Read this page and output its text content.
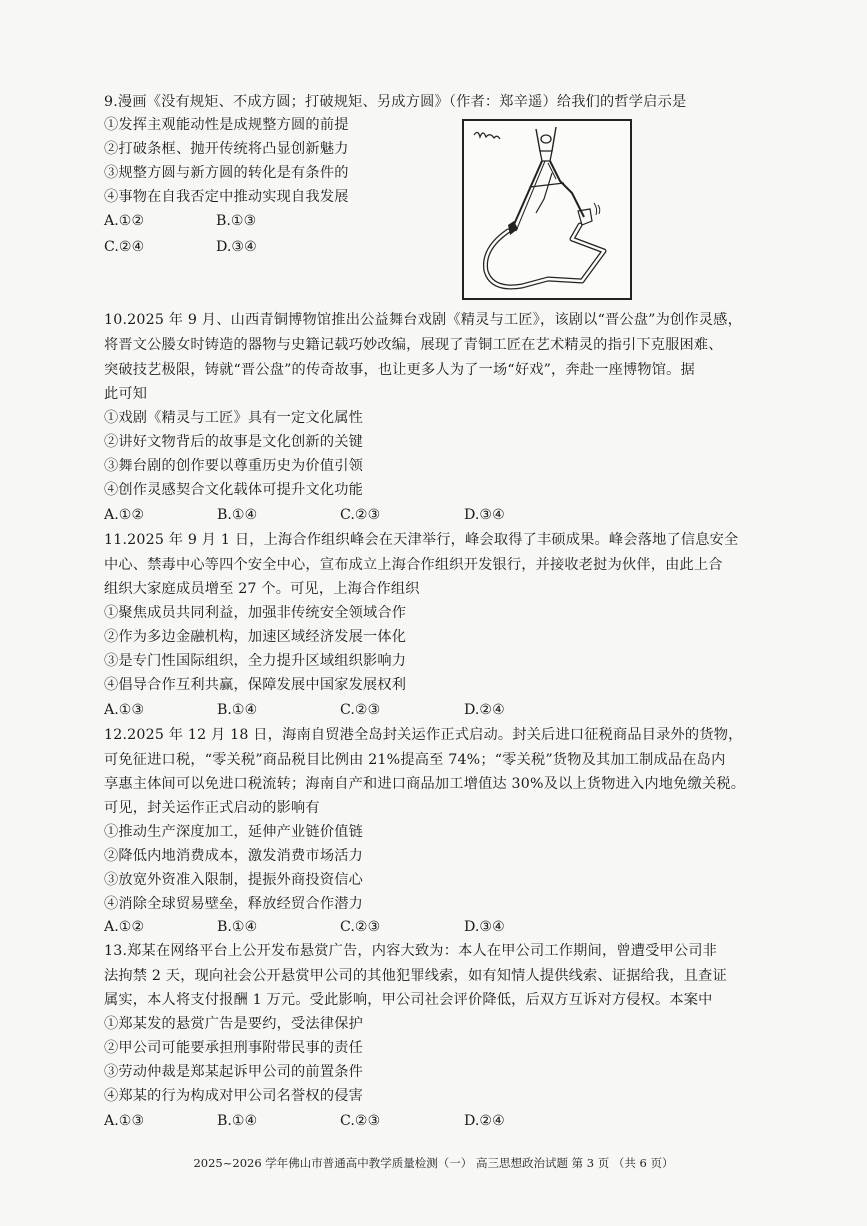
9.漫画《没有规矩、不成方圆；打破规矩、另成方圆》（作者：郑辛遥）给我们的哲学启示是
①发挥主观能动性是成规整方圆的前提
②打破条框、抛开传统将凸显创新魅力
③规整方圆与新方圆的转化是有条件的
④事物在自我否定中推动实现自我发展
A.①②	B.①③
C.②④	D.③④
10.2025 年 9 月、山西青铜博物馆推出公益舞台戏剧《精灵与工匠》，该剧以“晋公盘”为创作灵感，
将晋文公媵女时铸造的器物与史籍记载巧妙改编，展现了青铜工匠在艺术精灵的指引下克服困难、
突破技艺极限，铸就“晋公盘”的传奇故事，也让更多人为了一场“好戏”，奔赴一座博物馆。据
此可知
①戏剧《精灵与工匠》具有一定文化属性
②讲好文物背后的故事是文化创新的关键
③舞台剧的创作要以尊重历史为价值引领
④创作灵感契合文化载体可提升文化功能
A.①②	B.①④	C.②③	D.③④
11.2025 年 9 月 1 日，上海合作组织峰会在天津举行，峰会取得了丰硕成果。峰会落地了信息安全
中心、禁毒中心等四个安全中心，宣布成立上海合作组织开发银行，并接收老挝为伙伴，由此上合
组织大家庭成员增至 27 个。可见，上海合作组织
①聚焦成员共同利益，加强非传统安全领域合作
②作为多边金融机构，加速区域经济发展一体化
③是专门性国际组织，全力提升区域组织影响力
④倡导合作互利共赢，保障发展中国家发展权利
A.①③	B.①④	C.②③	D.②④
12.2025 年 12 月 18 日，海南自贸港全岛封关运作正式启动。封关后进口征税商品目录外的货物，
可免征进口税，“零关税”商品税目比例由 21%提高至 74%；“零关税”货物及其加工制成品在岛内
享惠主体间可以免进口税流转；海南自产和进口商品加工增值达 30%及以上货物进入内地免缴关税。
可见，封关运作正式启动的影响有
①推动生产深度加工，延伸产业链价值链
②降低内地消费成本，激发消费市场活力
③放宽外资准入限制，提振外商投资信心
④消除全球贸易壁垒，释放经贸合作潜力
A.①②	B.①④	C.②③	D.③④
13.郑某在网络平台上公开发布悬赏广告，内容大致为：本人在甲公司工作期间，曾遭受甲公司非
法拘禁 2 天，现向社会公开悬赏甲公司的其他犯罪线索，如有知情人提供线索、证据给我，且查证
属实，本人将支付报酬 1 万元。受此影响，甲公司社会评价降低，后双方互诉对方侵权。本案中
①郑某发的悬赏广告是要约，受法律保护
②甲公司可能要承担刑事附带民事的责任
③劳动仲裁是郑某起诉甲公司的前置条件
④郑某的行为构成对甲公司名誉权的侵害
A.①③	B.①④	C.②③	D.②④
2025~2026 学年佛山市普通高中教学质量检测（一） 高三思想政治试题 第 3 页 （共 6 页）
